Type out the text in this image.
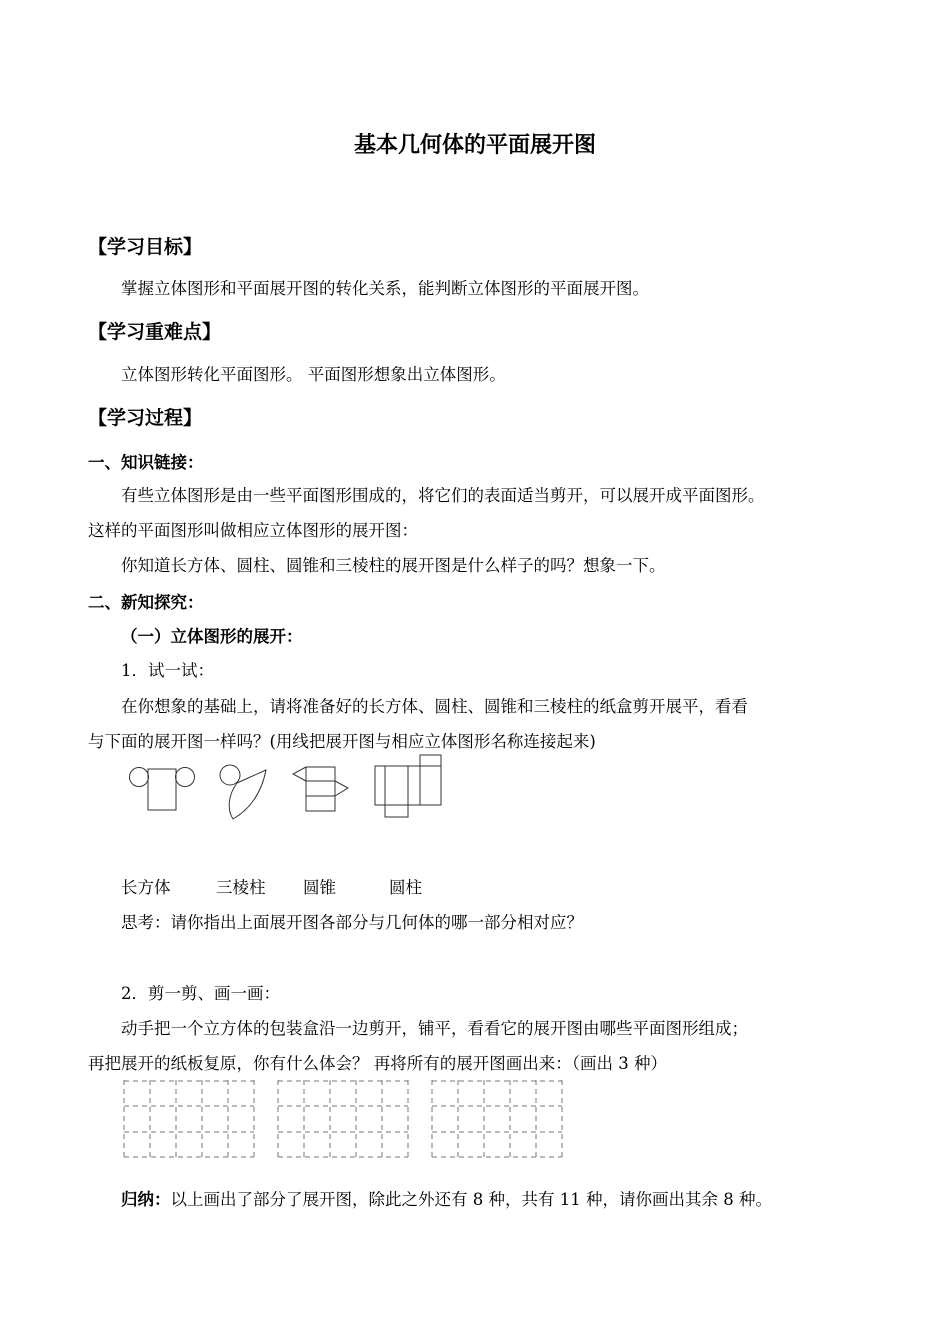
基本几何体的平面展开图
【学习目标】
掌握立体图形和平面展开图的转化关系，能判断立体图形的平面展开图。
【学习重难点】
立体图形转化平面图形。 平面图形想象出立体图形。
【学习过程】
一、知识链接：
有些立体图形是由一些平面图形围成的，将它们的表面适当剪开，可以展开成平面图形。
这样的平面图形叫做相应立体图形的展开图：
你知道长方体、圆柱、圆锥和三棱柱的展开图是什么样子的吗？想象一下。
二、新知探究：
（一）立体图形的展开：
1．试一试：
在你想象的基础上，请将准备好的长方体、圆柱、圆锥和三棱柱的纸盒剪开展平，看看
与下面的展开图一样吗？(用线把展开图与相应立体图形名称连接起来)
长方体	三棱柱 圆锥	圆柱
思考：请你指出上面展开图各部分与几何体的哪一部分相对应？
2．剪一剪、画一画：
动手把一个立方体的包装盒沿一边剪开，铺平，看看它的展开图由哪些平面图形组成；
再把展开的纸板复原，你有什么体会？ 再将所有的展开图画出来：（画出 3 种）
归纳：以上画出了部分了展开图，除此之外还有 8 种，共有 11 种，请你画出其余 8 种。
